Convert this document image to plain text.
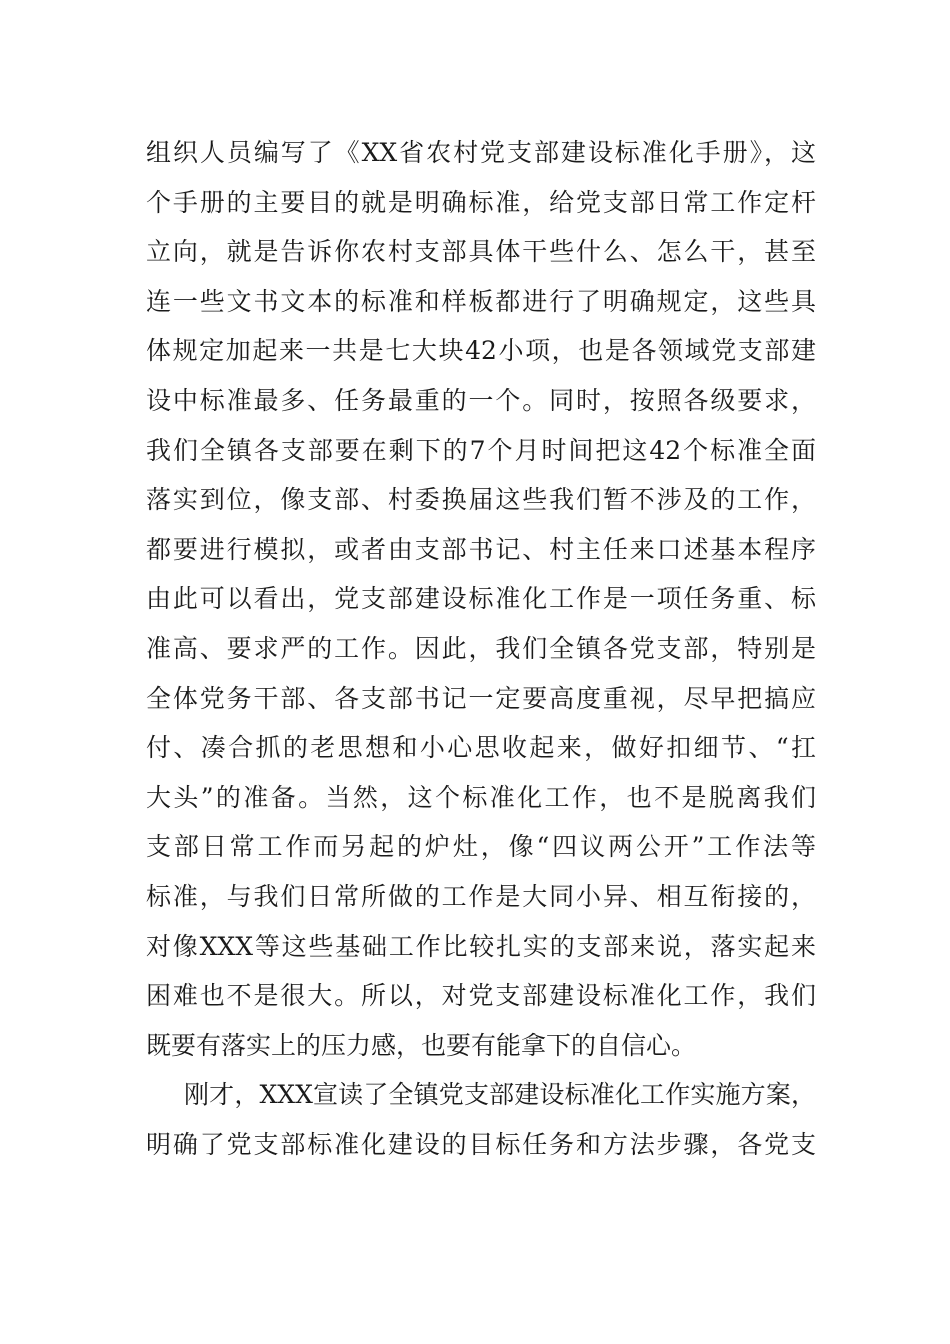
组织人员编写了《XX省农村党支部建设标准化手册》，这
个手册的主要目的就是明确标准，给党支部日常工作定杆
立向，就是告诉你农村支部具体干些什么、怎么干，甚至
连一些文书文本的标准和样板都进行了明确规定，这些具
体规定加起来一共是七大块42小项，也是各领域党支部建
设中标准最多、任务最重的一个。同时，按照各级要求，
我们全镇各支部要在剩下的7个月时间把这42个标准全面
落实到位，像支部、村委换届这些我们暂不涉及的工作，
都要进行模拟，或者由支部书记、村主任来口述基本程序
由此可以看出，党支部建设标准化工作是一项任务重、标
准高、要求严的工作。因此，我们全镇各党支部，特别是
全体党务干部、各支部书记一定要高度重视，尽早把搞应
付、凑合抓的老思想和小心思收起来，做好扣细节、“扛
大头”的准备。当然，这个标准化工作，也不是脱离我们
支部日常工作而另起的炉灶，像“四议两公开”工作法等
标准，与我们日常所做的工作是大同小异、相互衔接的，
对像XXX等这些基础工作比较扎实的支部来说，落实起来
困难也不是很大。所以，对党支部建设标准化工作，我们
既要有落实上的压力感，也要有能拿下的自信心。
刚才，XXX宣读了全镇党支部建设标准化工作实施方案，
明确了党支部标准化建设的目标任务和方法步骤，各党支
